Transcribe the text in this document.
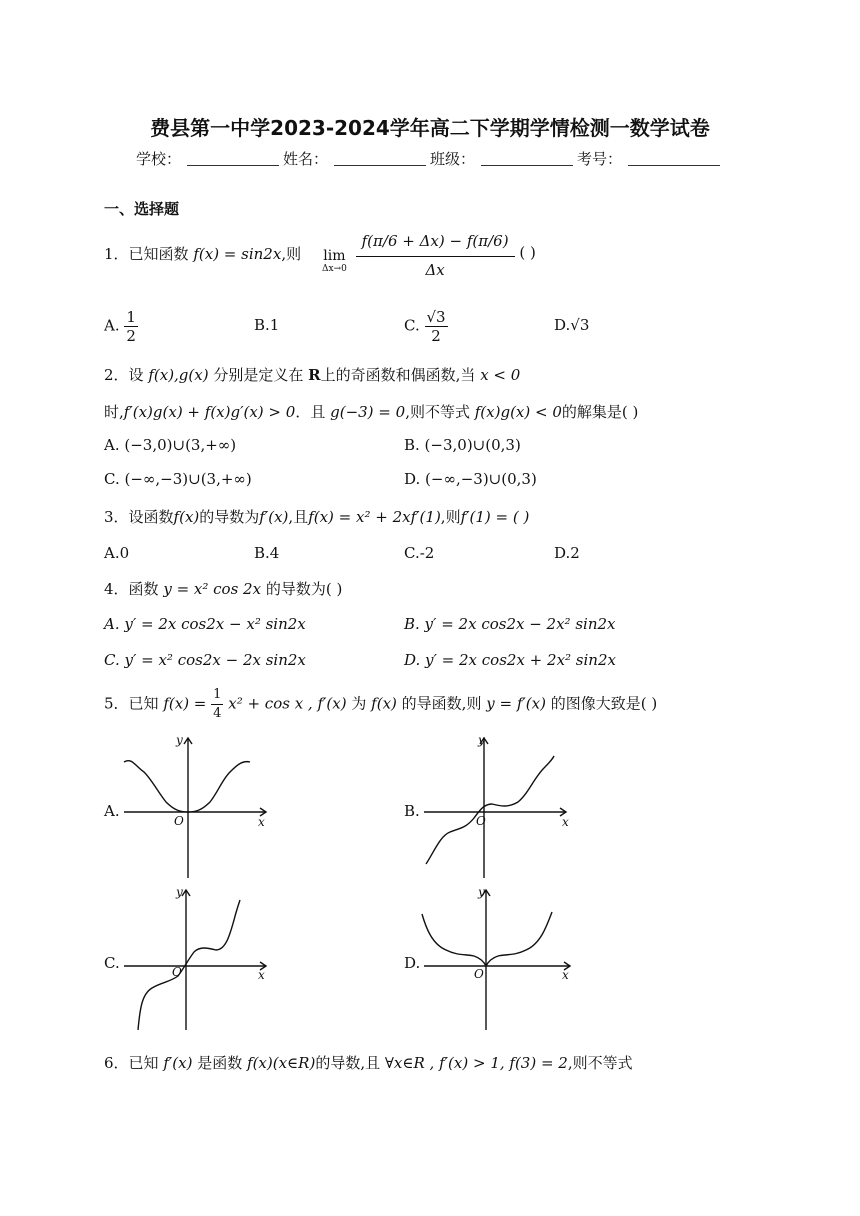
费县第一中学2023-2024学年高二下学期学情检测一数学试卷
学校：	姓名：	班级：	考号：
一、选择题
1．已知函数 f(x) = sin2x,则 lim
Δx→0
$\frac{f(\pi/6 + \Delta x) - f(\pi/6)}{\Delta x}$ ( )
A. $\frac{1}{2}$	B.1	C. $\frac{√3}{2}$	D.√3
2．设 f(x),g(x) 分别是定义在 R上的奇函数和偶函数,当 x < 0
时,f′(x)g(x) + f(x)g′(x) > 0．且 g(−3) = 0,则不等式 f(x)g(x) < 0的解集是( )
A. (−3,0)∪(3,+∞)	B. (−3,0)∪(0,3)
C. (−∞,−3)∪(3,+∞)	D. (−∞,−3)∪(0,3)
3．设函数f(x)的导数为f′(x),且f(x) = x² + 2xf′(1),则f′(1) = ( )
A.0	B.4	C.-2	D.2
4．函数 y = x² cos 2x 的导数为( )
A. y′ = 2x cos2x − x² sin2x	B. y′ = 2x cos2x − 2x² sin2x
C. y′ = x² cos2x − 2x sin2x	D. y′ = 2x cos2x + 2x² sin2x
5．已知 $f(x) = \frac{1}{4} x^2 + \cos x$ , f′(x) 为 f(x) 的导函数,则 y = f′(x) 的图像大致是( )
A.
y
x
O
B.
y
x
O
C.
y
x
O	D.
y
x
O
6．已知 f′(x) 是函数 f(x)(x∈R)的导数,且 ∀x∈R , f′(x) > 1, f(3) = 2,则不等式
